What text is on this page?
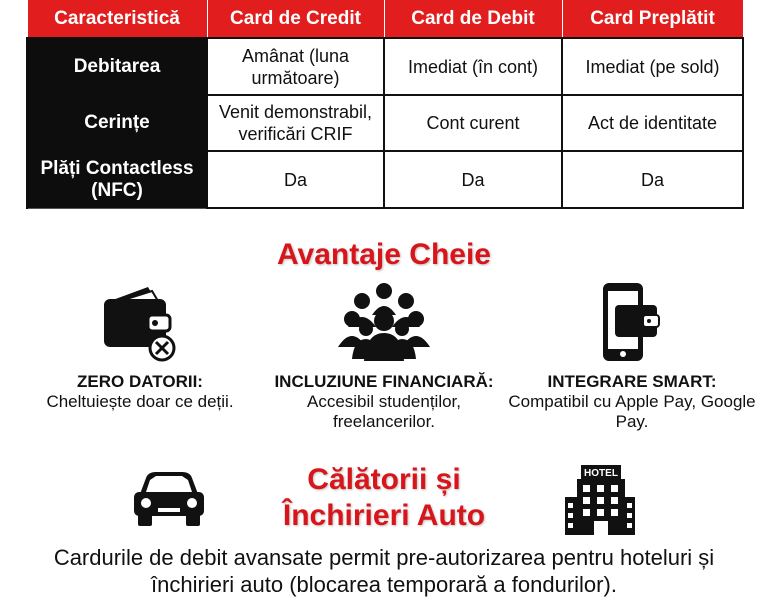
Caracteristică	Card de Credit	Card de Debit	Card Preplătit
Debitarea	Amânat (luna următoare)	Imediat (în cont)	Imediat (pe sold)
Cerințe	Venit demonstrabil, verificări CRIF	Cont curent	Act de identitate
Plăți Contactless (NFC)	Da	Da	Da
Avantaje Cheie
ZERO DATORII:
Cheltuiește doar ce deții.
INCLUZIUNE FINANCIARĂ:
Accesibil studenților, freelancerilor.
INTEGRARE SMART:
Compatibil cu Apple Pay, Google Pay.
Călătorii și Închirieri Auto
HOTEL
Cardurile de debit avansate permit pre-autorizarea pentru hoteluri și închirieri auto (blocarea temporară a fondurilor).
